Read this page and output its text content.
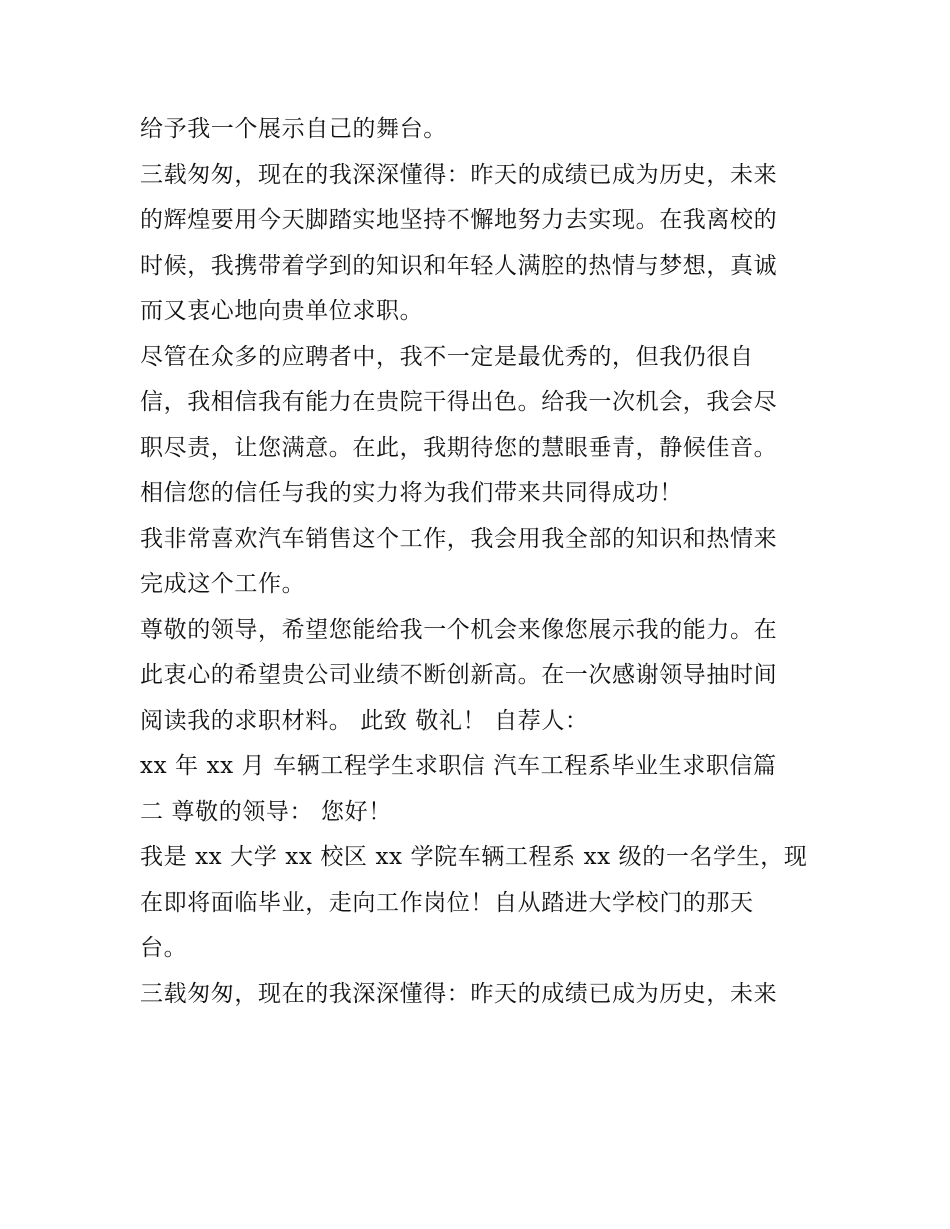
给予我一个展示自己的舞台。
三载匆匆，现在的我深深懂得：昨天的成绩已成为历史，未来
的辉煌要用今天脚踏实地坚持不懈地努力去实现。在我离校的
时候，我携带着学到的知识和年轻人满腔的热情与梦想，真诚
而又衷心地向贵单位求职。
尽管在众多的应聘者中，我不一定是最优秀的，但我仍很自
信，我相信我有能力在贵院干得出色。给我一次机会，我会尽
职尽责，让您满意。在此，我期待您的慧眼垂青，静候佳音。
相信您的信任与我的实力将为我们带来共同得成功！
我非常喜欢汽车销售这个工作，我会用我全部的知识和热情来
完成这个工作。
尊敬的领导，希望您能给我一个机会来像您展示我的能力。在
此衷心的希望贵公司业绩不断创新高。在一次感谢领导抽时间
阅读我的求职材料。 此致 敬礼！ 自荐人：
xx 年 xx 月 车辆工程学生求职信 汽车工程系毕业生求职信篇
二 尊敬的领导： 您好！
我是 xx 大学 xx 校区 xx 学院车辆工程系 xx 级的一名学生，现
在即将面临毕业，走向工作岗位！自从踏进大学校门的那天
台。
三载匆匆，现在的我深深懂得：昨天的成绩已成为历史，未来
